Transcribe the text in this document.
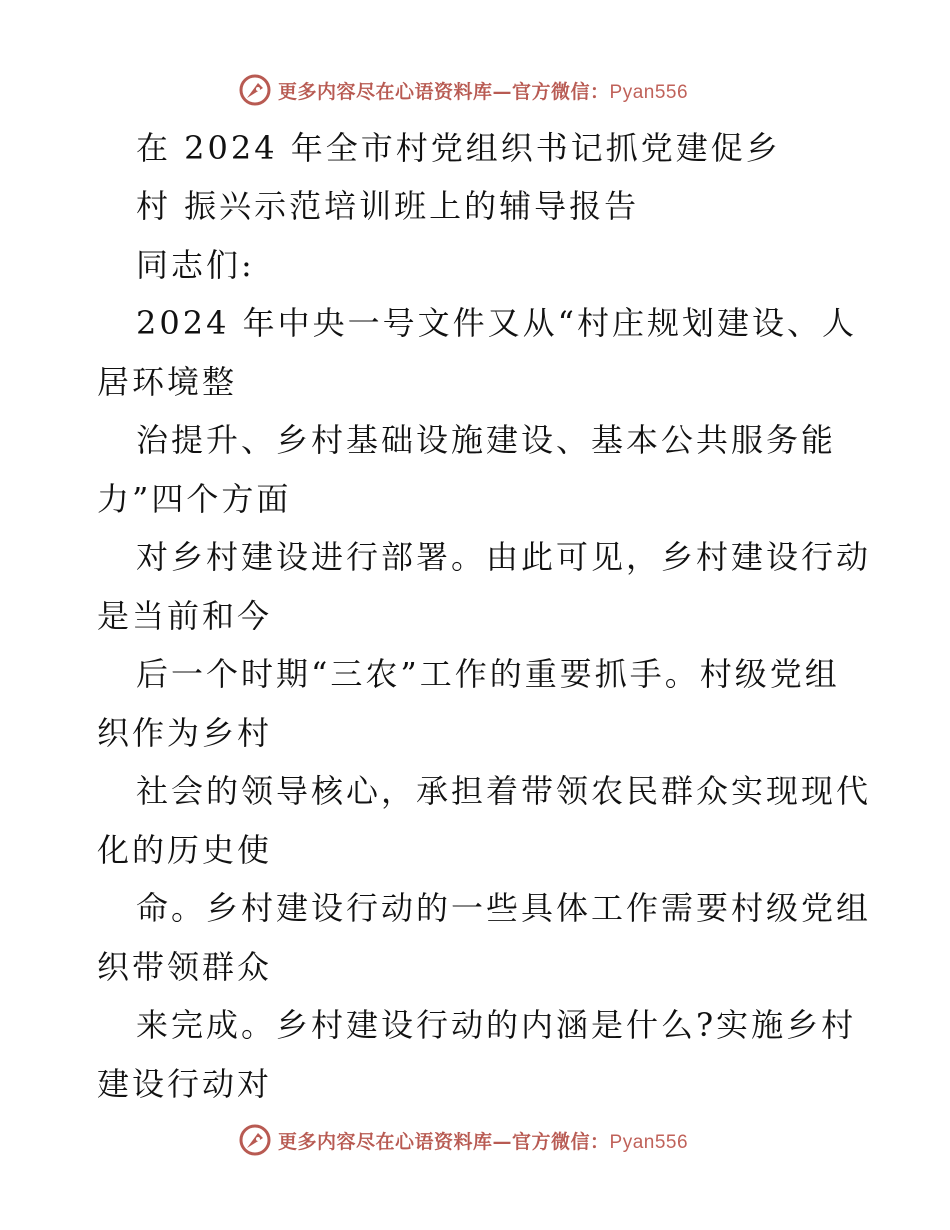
更多内容尽在心语资料库—官方微信：Pyan556
在 2024 年全市村党组织书记抓党建促乡
村 振兴示范培训班上的辅导报告
同志们:
2024 年中央一号文件又从“村庄规划建设、人
居环境整
治提升、乡村基础设施建设、基本公共服务能
力”四个方面
对乡村建设进行部署。由此可见，乡村建设行动
是当前和今
后一个时期“三农”工作的重要抓手。村级党组
织作为乡村
社会的领导核心，承担着带领农民群众实现现代
化的历史使
命。乡村建设行动的一些具体工作需要村级党组
织带领群众
来完成。乡村建设行动的内涵是什么?实施乡村
建设行动对
更多内容尽在心语资料库—官方微信：Pyan556
